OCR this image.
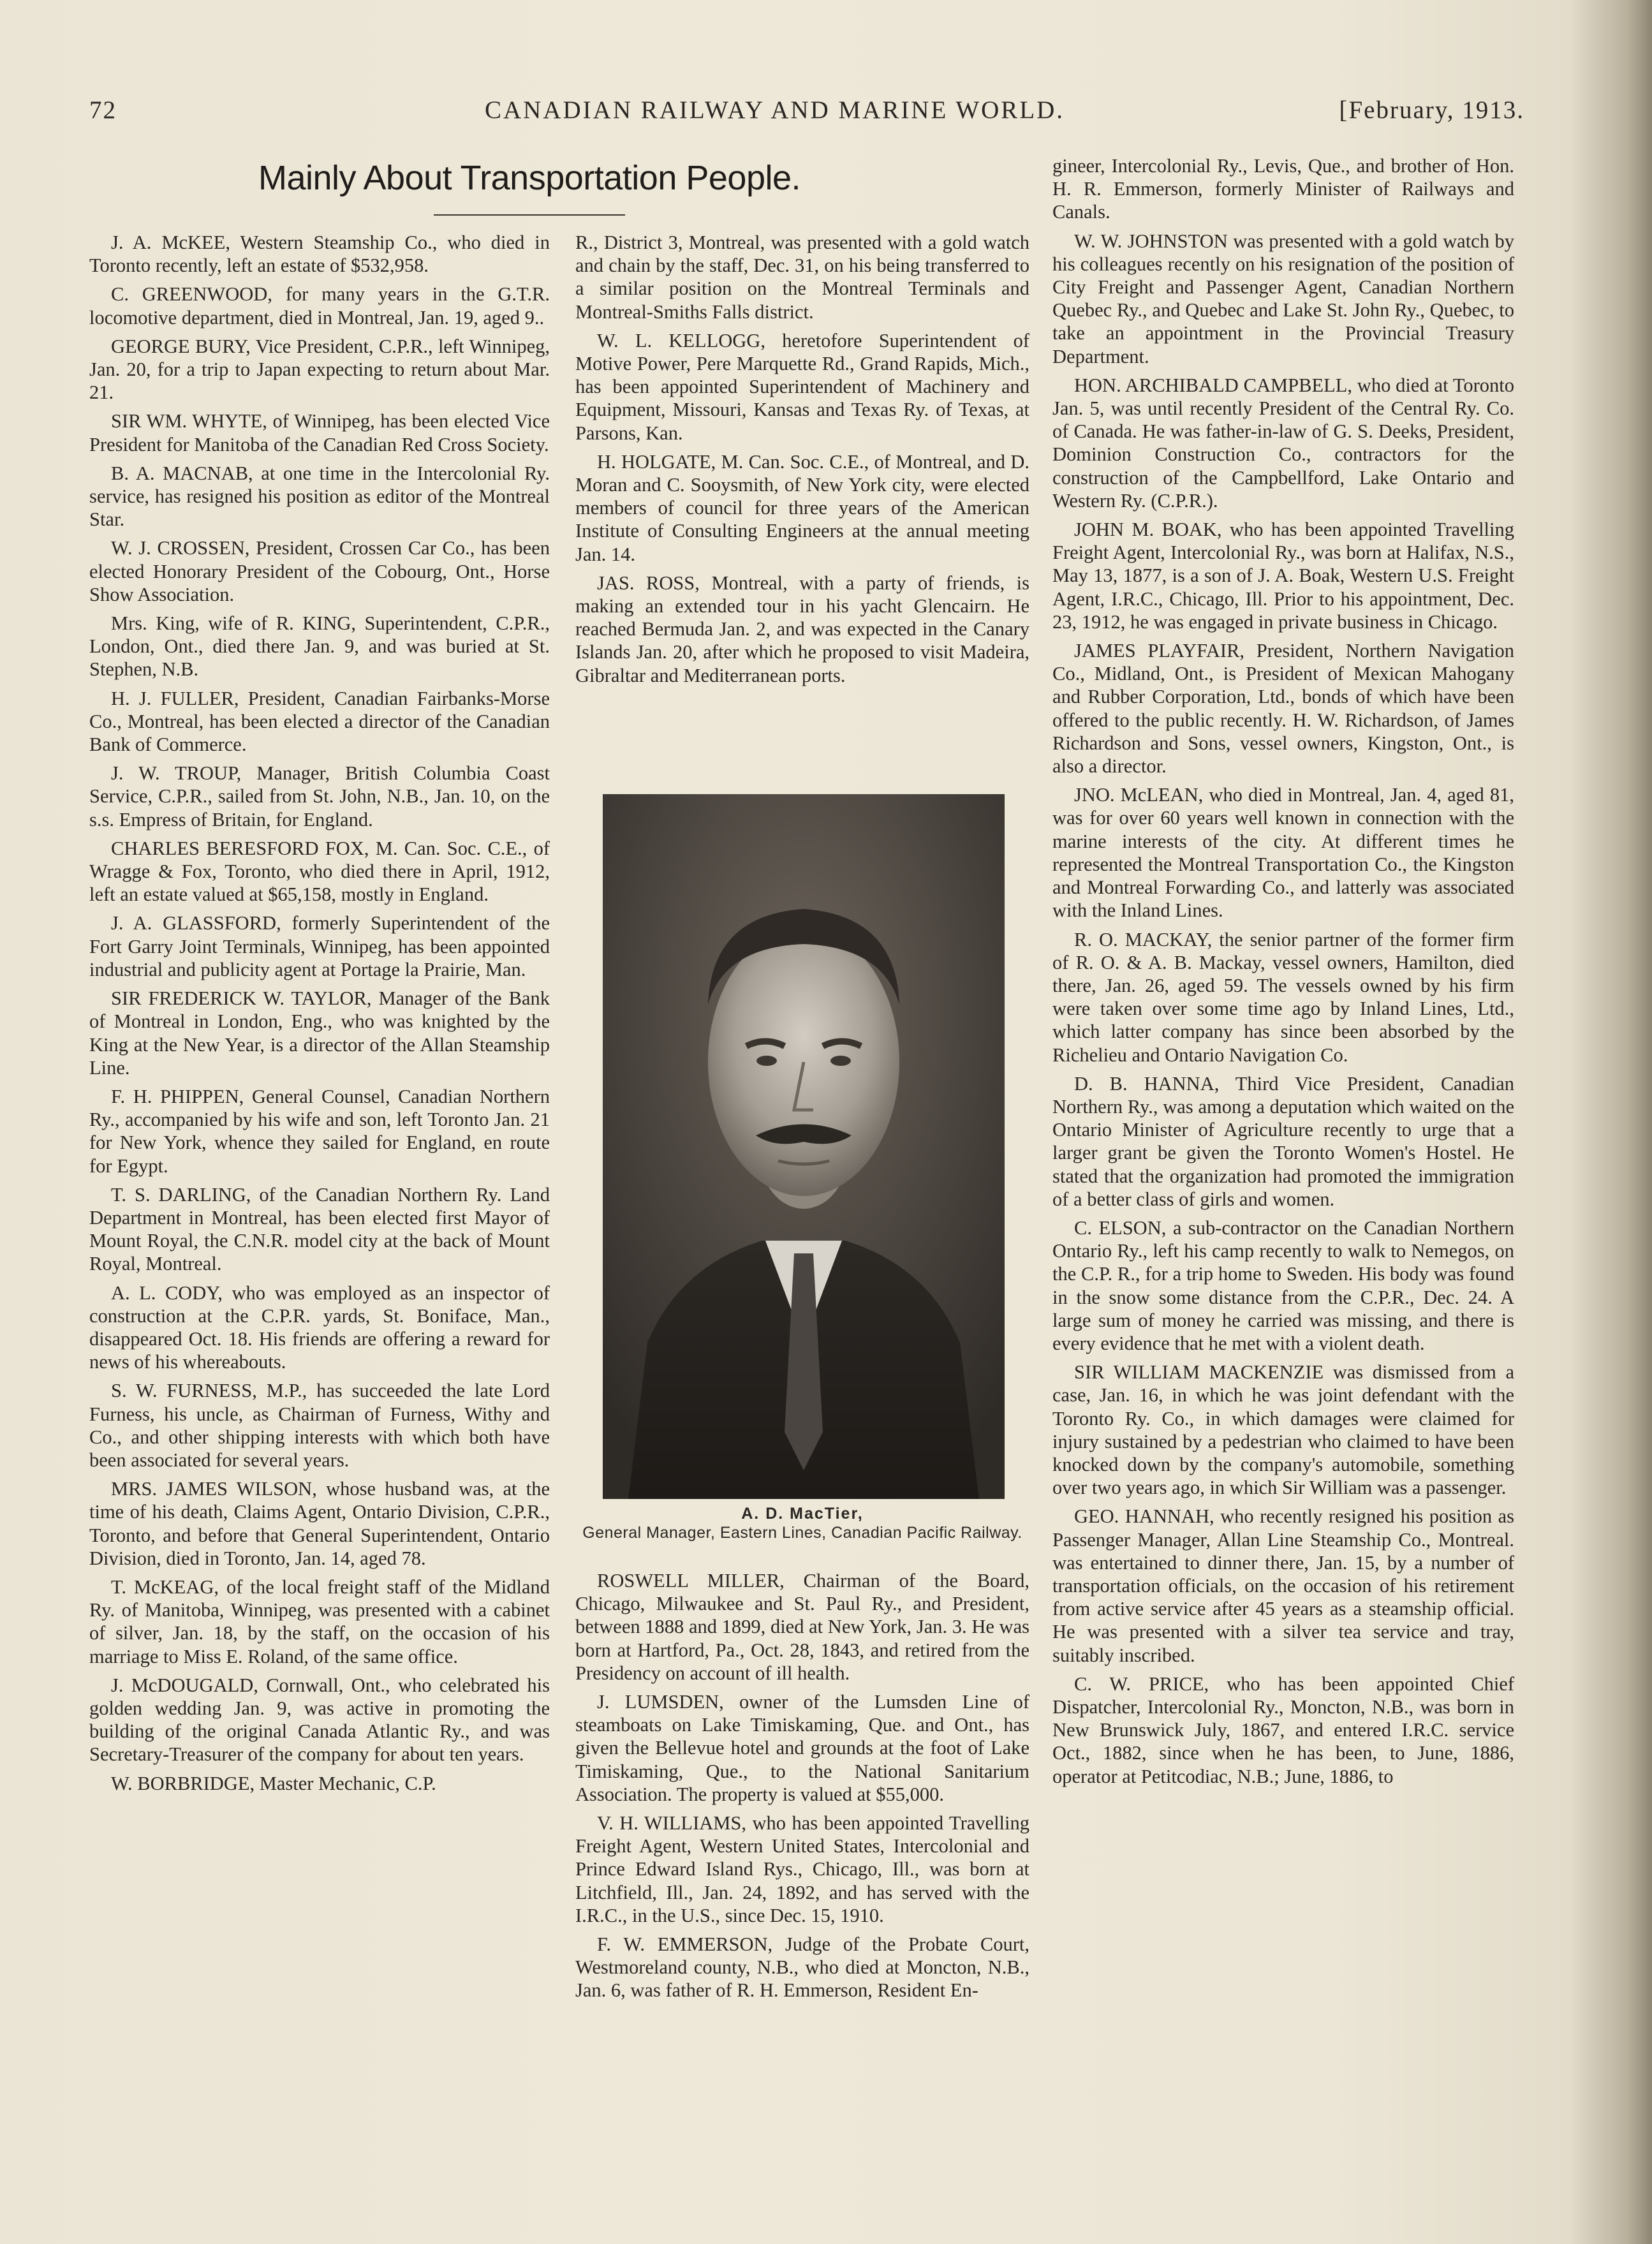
72	CANADIAN RAILWAY AND MARINE WORLD.	[February, 1913.
Mainly About Transportation People.

J. A. McKEE, Western Steamship Co., who died in Toronto recently, left an estate of $532,958.

C. GREENWOOD, for many years in the G.T.R. locomotive department, died in Montreal, Jan. 19, aged 9..

GEORGE BURY, Vice President, C.P.R., left Winnipeg, Jan. 20, for a trip to Japan expecting to return about Mar. 21.

SIR WM. WHYTE, of Winnipeg, has been elected Vice President for Manitoba of the Canadian Red Cross Society.

B. A. MACNAB, at one time in the Intercolonial Ry. service, has resigned his position as editor of the Montreal Star.

W. J. CROSSEN, President, Crossen Car Co., has been elected Honorary President of the Cobourg, Ont., Horse Show Association.

Mrs. King, wife of R. KING, Superintendent, C.P.R., London, Ont., died there Jan. 9, and was buried at St. Stephen, N.B.

H. J. FULLER, President, Canadian Fairbanks-Morse Co., Montreal, has been elected a director of the Canadian Bank of Commerce.

J. W. TROUP, Manager, British Columbia Coast Service, C.P.R., sailed from St. John, N.B., Jan. 10, on the s.s. Empress of Britain, for England.

CHARLES BERESFORD FOX, M. Can. Soc. C.E., of Wragge & Fox, Toronto, who died there in April, 1912, left an estate valued at $65,158, mostly in England.

J. A. GLASSFORD, formerly Superintendent of the Fort Garry Joint Terminals, Winnipeg, has been appointed industrial and publicity agent at Portage la Prairie, Man.

SIR FREDERICK W. TAYLOR, Manager of the Bank of Montreal in London, Eng., who was knighted by the King at the New Year, is a director of the Allan Steamship Line.

F. H. PHIPPEN, General Counsel, Canadian Northern Ry., accompanied by his wife and son, left Toronto Jan. 21 for New York, whence they sailed for England, en route for Egypt.

T. S. DARLING, of the Canadian Northern Ry. Land Department in Montreal, has been elected first Mayor of Mount Royal, the C.N.R. model city at the back of Mount Royal, Montreal.

A. L. CODY, who was employed as an inspector of construction at the C.P.R. yards, St. Boniface, Man., disappeared Oct. 18. His friends are offering a reward for news of his whereabouts.

S. W. FURNESS, M.P., has succeeded the late Lord Furness, his uncle, as Chairman of Furness, Withy and Co., and other shipping interests with which both have been associated for several years.

MRS. JAMES WILSON, whose husband was, at the time of his death, Claims Agent, Ontario Division, C.P.R., Toronto, and before that General Superintendent, Ontario Division, died in Toronto, Jan. 14, aged 78.

T. McKEAG, of the local freight staff of the Midland Ry. of Manitoba, Winnipeg, was presented with a cabinet of silver, Jan. 18, by the staff, on the occasion of his marriage to Miss E. Roland, of the same office.

J. McDOUGALD, Cornwall, Ont., who celebrated his golden wedding Jan. 9, was active in promoting the building of the original Canada Atlantic Ry., and was Secretary-Treasurer of the company for about ten years.

W. BORBRIDGE, Master Mechanic, C.P.

R., District 3, Montreal, was presented with a gold watch and chain by the staff, Dec. 31, on his being transferred to a similar position on the Montreal Terminals and Montreal-Smiths Falls district.

W. L. KELLOGG, heretofore Superintendent of Motive Power, Pere Marquette Rd., Grand Rapids, Mich., has been appointed Superintendent of Machinery and Equipment, Missouri, Kansas and Texas Ry. of Texas, at Parsons, Kan.

H. HOLGATE, M. Can. Soc. C.E., of Montreal, and D. Moran and C. Sooysmith, of New York city, were elected members of council for three years of the American Institute of Consulting Engineers at the annual meeting Jan. 14.

JAS. ROSS, Montreal, with a party of friends, is making an extended tour in his yacht Glencairn. He reached Bermuda Jan. 2, and was expected in the Canary Islands Jan. 20, after which he proposed to visit Madeira, Gibraltar and Mediterranean ports.

A. D. MacTier,
General Manager, Eastern Lines, Canadian Pacific Railway.

ROSWELL MILLER, Chairman of the Board, Chicago, Milwaukee and St. Paul Ry., and President, between 1888 and 1899, died at New York, Jan. 3. He was born at Hartford, Pa., Oct. 28, 1843, and retired from the Presidency on account of ill health.

J. LUMSDEN, owner of the Lumsden Line of steamboats on Lake Timiskaming, Que. and Ont., has given the Bellevue hotel and grounds at the foot of Lake Timiskaming, Que., to the National Sanitarium Association. The property is valued at $55,000.

V. H. WILLIAMS, who has been appointed Travelling Freight Agent, Western United States, Intercolonial and Prince Edward Island Rys., Chicago, Ill., was born at Litchfield, Ill., Jan. 24, 1892, and has served with the I.R.C., in the U.S., since Dec. 15, 1910.

F. W. EMMERSON, Judge of the Probate Court, Westmoreland county, N.B., who died at Moncton, N.B., Jan. 6, was father of R. H. Emmerson, Resident En-

gineer, Intercolonial Ry., Levis, Que., and brother of Hon. H. R. Emmerson, formerly Minister of Railways and Canals.

W. W. JOHNSTON was presented with a gold watch by his colleagues recently on his resignation of the position of City Freight and Passenger Agent, Canadian Northern Quebec Ry., and Quebec and Lake St. John Ry., Quebec, to take an appointment in the Provincial Treasury Department.

HON. ARCHIBALD CAMPBELL, who died at Toronto Jan. 5, was until recently President of the Central Ry. Co. of Canada. He was father-in-law of G. S. Deeks, President, Dominion Construction Co., contractors for the construction of the Campbellford, Lake Ontario and Western Ry. (C.P.R.).

JOHN M. BOAK, who has been appointed Travelling Freight Agent, Intercolonial Ry., was born at Halifax, N.S., May 13, 1877, is a son of J. A. Boak, Western U.S. Freight Agent, I.R.C., Chicago, Ill. Prior to his appointment, Dec. 23, 1912, he was engaged in private business in Chicago.

JAMES PLAYFAIR, President, Northern Navigation Co., Midland, Ont., is President of Mexican Mahogany and Rubber Corporation, Ltd., bonds of which have been offered to the public recently. H. W. Richardson, of James Richardson and Sons, vessel owners, Kingston, Ont., is also a director.

JNO. McLEAN, who died in Montreal, Jan. 4, aged 81, was for over 60 years well known in connection with the marine interests of the city. At different times he represented the Montreal Transportation Co., the Kingston and Montreal Forwarding Co., and latterly was associated with the Inland Lines.

R. O. MACKAY, the senior partner of the former firm of R. O. & A. B. Mackay, vessel owners, Hamilton, died there, Jan. 26, aged 59. The vessels owned by his firm were taken over some time ago by Inland Lines, Ltd., which latter company has since been absorbed by the Richelieu and Ontario Navigation Co.

D. B. HANNA, Third Vice President, Canadian Northern Ry., was among a deputation which waited on the Ontario Minister of Agriculture recently to urge that a larger grant be given the Toronto Women's Hostel. He stated that the organization had promoted the immigration of a better class of girls and women.

C. ELSON, a sub-contractor on the Canadian Northern Ontario Ry., left his camp recently to walk to Nemegos, on the C.P. R., for a trip home to Sweden. His body was found in the snow some distance from the C.P.R., Dec. 24. A large sum of money he carried was missing, and there is every evidence that he met with a violent death.

SIR WILLIAM MACKENZIE was dismissed from a case, Jan. 16, in which he was joint defendant with the Toronto Ry. Co., in which damages were claimed for injury sustained by a pedestrian who claimed to have been knocked down by the company's automobile, something over two years ago, in which Sir William was a passenger.

GEO. HANNAH, who recently resigned his position as Passenger Manager, Allan Line Steamship Co., Montreal. was entertained to dinner there, Jan. 15, by a number of transportation officials, on the occasion of his retirement from active service after 45 years as a steamship official. He was presented with a silver tea service and tray, suitably inscribed.

C. W. PRICE, who has been appointed Chief Dispatcher, Intercolonial Ry., Moncton, N.B., was born in New Brunswick July, 1867, and entered I.R.C. service Oct., 1882, since when he has been, to June, 1886, operator at Petitcodiac, N.B.; June, 1886, to
